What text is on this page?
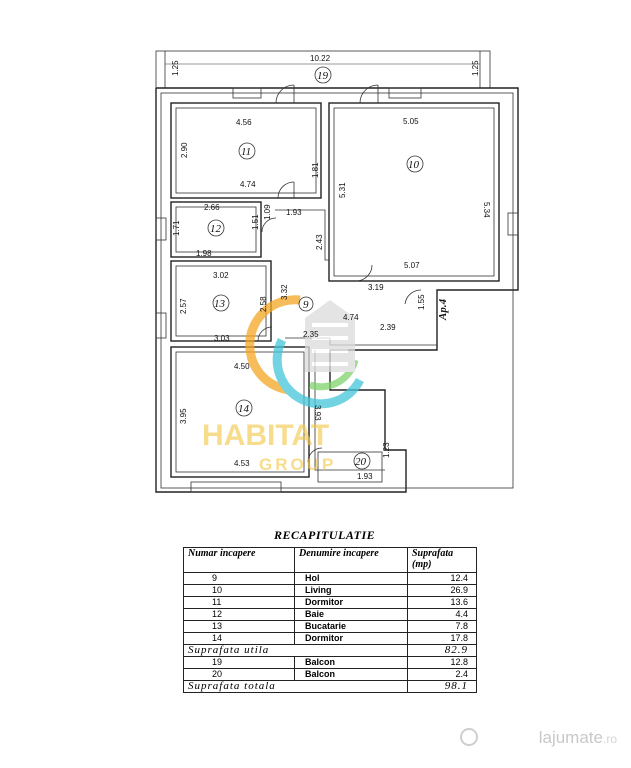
HABITAT
GROUP
10.22
1.25	1.25
4.56
2.90
4.74
1.81
5.05
5.31
5.34
5.07
2.66
1.71	1.51
1.09
1.98
1.93
2.43
3.32
3.02
2.57	2.58
3.03
3.19
1.55
4.74
2.39
2.35
4.50
3.95	3.93
4.53
1.93
1.23
19
11
10
12
13	9
14
20
Ap.4
RECAPITULATIE
Numar incapere	Denumire incapere	Suprafata (mp)
9	Hol	12.4
10	Living	26.9
11	Dormitor	13.6
12	Baie	4.4
13	Bucatarie	7.8
14	Dormitor	17.8
Suprafata utila		82.9
19	Balcon	12.8
20	Balcon	2.4
Suprafata totala		98.1
lajumate.ro
